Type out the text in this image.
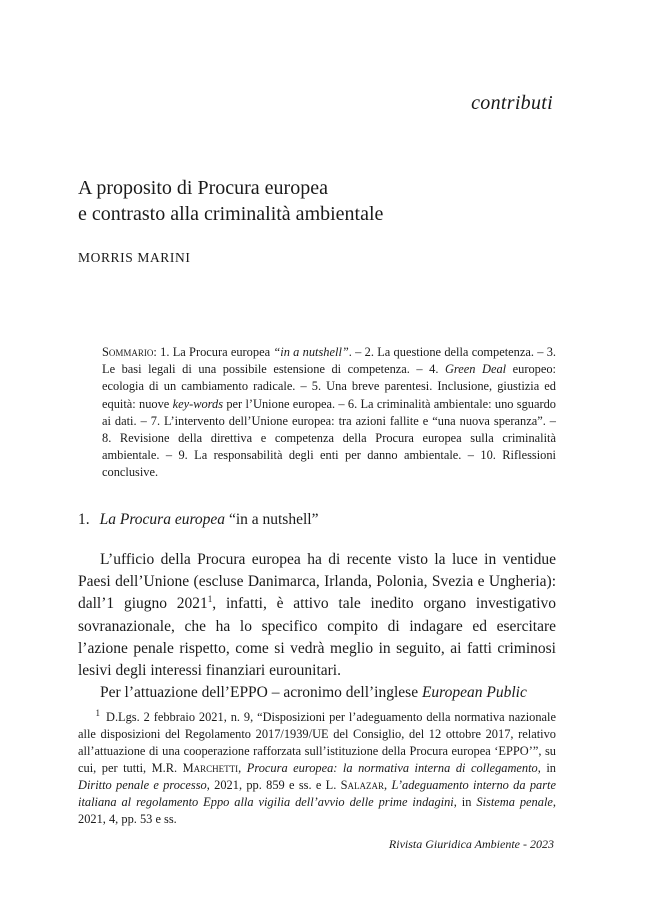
contributi
A proposito di Procura europea
e contrasto alla criminalità ambientale
MORRIS MARINI
Sommario: 1. La Procura europea “in a nutshell”. – 2. La questione della competenza. – 3. Le basi legali di una possibile estensione di competenza. – 4. Green Deal europeo: ecologia di un cambiamento radicale. – 5. Una breve parentesi. Inclusione, giustizia ed equità: nuove key-words per l’Unione europea. – 6. La criminalità ambientale: uno sguardo ai dati. – 7. L’intervento dell’Unione europea: tra azioni fallite e “una nuova speranza”. – 8. Revisione della direttiva e competenza della Procura europea sulla criminalità ambientale. – 9. La responsabilità degli enti per danno ambientale. – 10. Riflessioni conclusive.
1. La Procura europea “in a nutshell”

L’ufficio della Procura europea ha di recente visto la luce in ventidue Paesi dell’Unione (escluse Danimarca, Irlanda, Polonia, Svezia e Ungheria): dall’1 giugno 2021$^1$, infatti, è attivo tale inedito organo investigativo sovranazionale, che ha lo specifico compito di indagare ed esercitare l’azione penale rispetto, come si vedrà meglio in seguito, ai fatti criminosi lesivi degli interessi finanziari eurounitari.

Per l’attuazione dell’EPPO – acronimo dell’inglese European Public

$^1$ D.Lgs. 2 febbraio 2021, n. 9, “Disposizioni per l’adeguamento della normativa nazionale alle disposizioni del Regolamento 2017/1939/UE del Consiglio, del 12 ottobre 2017, relativo all’attuazione di una cooperazione rafforzata sull’istituzione della Procura europea ‘EPPO’”, su cui, per tutti, M.R. Marchetti, Procura europea: la normativa interna di collegamento, in Diritto penale e processo, 2021, pp. 859 e ss. e L. Salazar, L’adeguamento interno da parte italiana al regolamento Eppo alla vigilia dell’avvio delle prime indagini, in Sistema penale, 2021, 4, pp. 53 e ss.
Rivista Giuridica Ambiente - 2023
